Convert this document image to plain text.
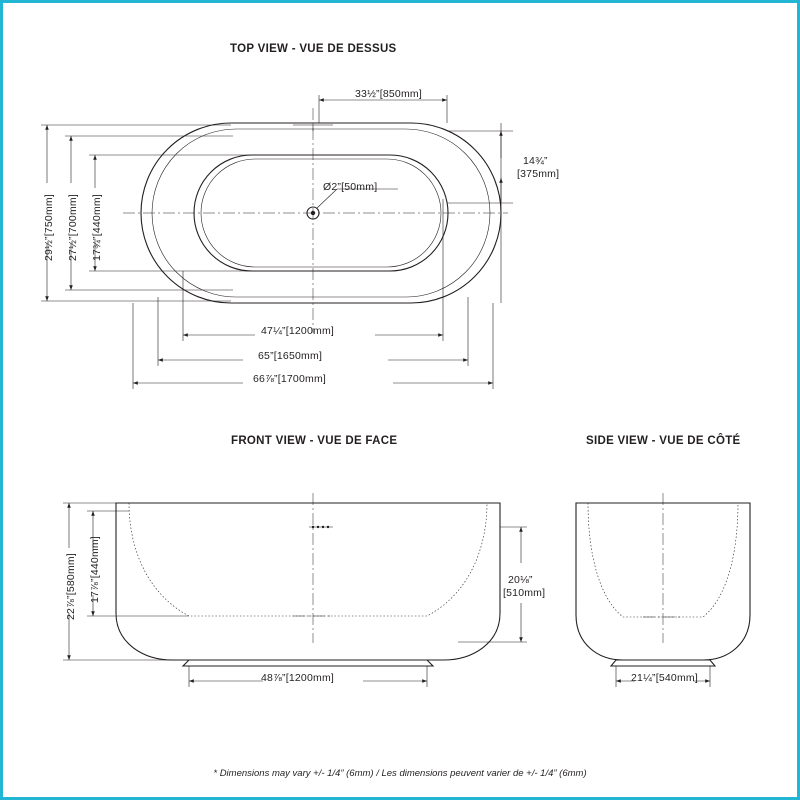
TOP VIEW - VUE DE DESSUS
33½”[850mm]
14¾”
[375mm]
Ø2”[50mm]
29½”[750mm] 27½”[700mm] 17¾”[440mm]
47¼”[1200mm]
65”[1650mm]
66⅞”[1700mm]
FRONT VIEW - VUE DE FACE
22⅞”[580mm] 17⅞”[440mm]	20⅛”
[510mm]
48⅞”[1200mm]
SIDE VIEW - VUE DE CÔTÉ
21¼”[540mm]
* Dimensions may vary +/- 1/4” (6mm) / Les dimensions peuvent varier de +/- 1/4” (6mm)
